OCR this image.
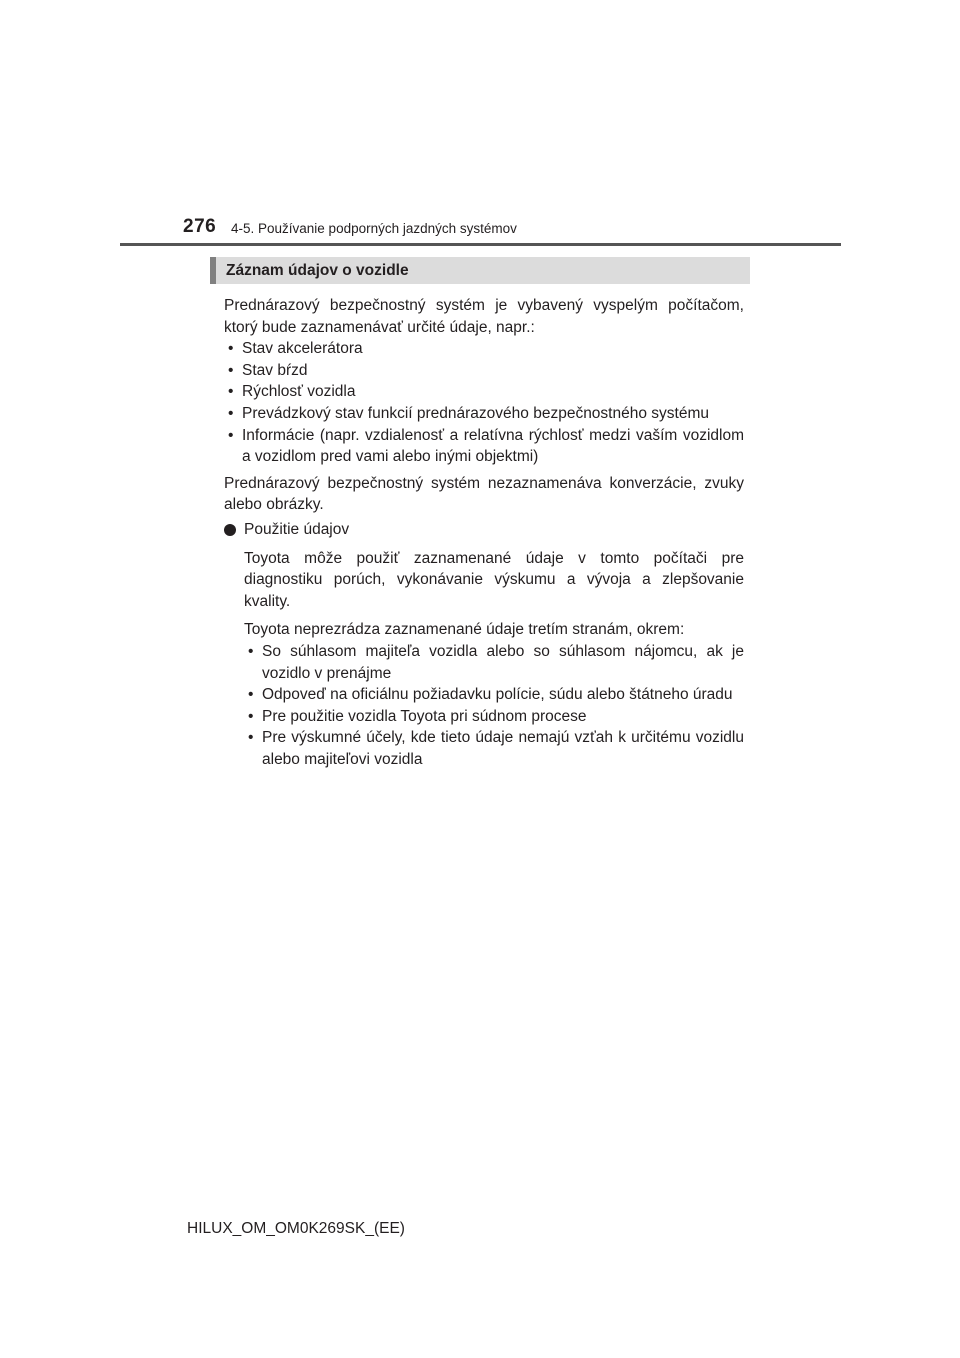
276 4-5. Používanie podporných jazdných systémov
Záznam údajov o vozidle

Prednárazový bezpečnostný systém je vybavený vyspelým počítačom, ktorý bude zaznamenávať určité údaje, napr.:

• Stav akcelerátora
• Stav bŕzd
• Rýchlosť vozidla
• Prevádzkový stav funkcií prednárazového bezpečnostného systému
• Informácie (napr. vzdialenosť a relatívna rýchlosť medzi vaším vozidlom a vozidlom pred vami alebo inými objektmi)

Prednárazový bezpečnostný systém nezaznamenáva konverzácie, zvuky alebo obrázky.

Použitie údajov

Toyota môže použiť zaznamenané údaje v tomto počítači pre diagnostiku porúch, vykonávanie výskumu a vývoja a zlepšovanie kvality.

Toyota neprezrádza zaznamenané údaje tretím stranám, okrem:

• So súhlasom majiteľa vozidla alebo so súhlasom nájomcu, ak je vozidlo v prenájme
• Odpoveď na oficiálnu požiadavku polície, súdu alebo štátneho úradu
• Pre použitie vozidla Toyota pri súdnom procese
• Pre výskumné účely, kde tieto údaje nemajú vzťah k určitému vozidlu alebo majiteľovi vozidla
HILUX_OM_OM0K269SK_(EE)
